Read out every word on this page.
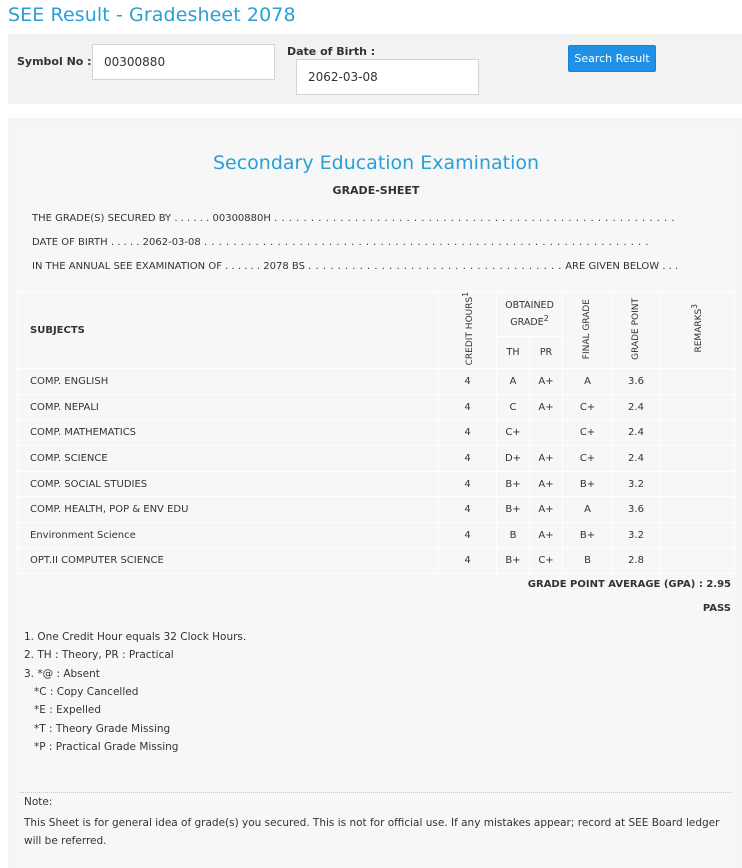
SEE Result - Gradesheet 2078
Symbol No :
00300880
Date of Birth :
2062-03-08
Search Result
Secondary Education Examination
GRADE-SHEET
THE GRADE(S) SECURED BY . . . . . . 00300880H . . . . . . . . . . . . . . . . . . . . . . . . . . . . . . . . . . . . . . . . . . . . . . . . . . . . . . .
DATE OF BIRTH . . . . . 2062-03-08 . . . . . . . . . . . . . . . . . . . . . . . . . . . . . . . . . . . . . . . . . . . . . . . . . . . . . . . . . . . . .
IN THE ANNUAL SEE EXAMINATION OF . . . . . . 2078 BS . . . . . . . . . . . . . . . . . . . . . . . . . . . . . . . . . . . ARE GIVEN BELOW . . .
SUBJECTS	CREDIT HOURS$^1$	OBTAINED GRADE$^2$		FINAL GRADE	GRADE POINT	REMARKS$^3$
		TH	PR			
COMP. ENGLISH	4	A	A+	A	3.6	
COMP. NEPALI	4	C	A+	C+	2.4	
COMP. MATHEMATICS	4	C+		C+	2.4	
COMP. SCIENCE	4	D+	A+	C+	2.4	
COMP. SOCIAL STUDIES	4	B+	A+	B+	3.2	
COMP. HEALTH, POP & ENV EDU	4	B+	A+	A	3.6	
Environment Science	4	B	A+	B+	3.2	
OPT.II COMPUTER SCIENCE	4	B+	C+	B	2.8	
GRADE POINT AVERAGE (GPA) : 2.95
PASS
1. One Credit Hour equals 32 Clock Hours.
2. TH : Theory, PR : Practical
3. *@ : Absent
*C : Copy Cancelled
*E : Expelled
*T : Theory Grade Missing
*P : Practical Grade Missing
Note:
This Sheet is for general idea of grade(s) you secured. This is not for official use. If any mistakes appear; record at SEE Board ledger will be referred.
